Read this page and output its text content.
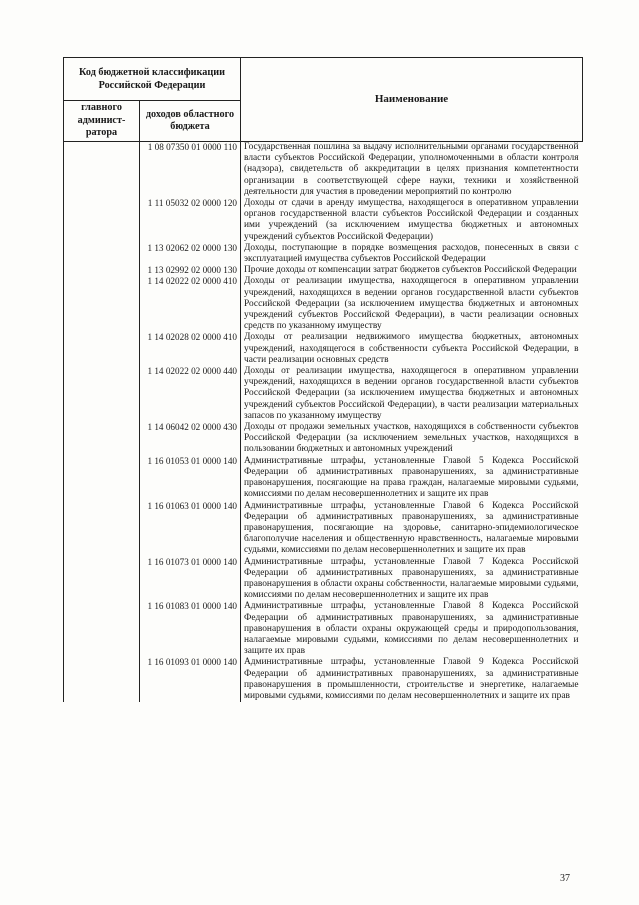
Код бюджетной классификации Российской Федерации		Наименование
главного админист-ратора	доходов областного бюджета	
	1 08 07350 01 0000 110	Государственная пошлина за выдачу исполнительными органами государственной власти субъектов Российской Федерации, уполномоченными в области контроля (надзора), свидетельств об аккредитации в целях признания компетентности организации в соответствующей сфере науки, техники и хозяйственной деятельности для участия в проведении мероприятий по контролю
	1 11 05032 02 0000 120	Доходы от сдачи в аренду имущества, находящегося в оперативном управлении органов государственной власти субъектов Российской Федерации и созданных ими учреждений (за исключением имущества бюджетных и автономных учреждений субъектов Российской Федерации)
	1 13 02062 02 0000 130	Доходы, поступающие в порядке возмещения расходов, понесенных в связи с эксплуатацией имущества субъектов Российской Федерации
	1 13 02992 02 0000 130	Прочие доходы от компенсации затрат бюджетов субъектов Российской Федерации
	1 14 02022 02 0000 410	Доходы от реализации имущества, находящегося в оперативном управлении учреждений, находящихся в ведении органов государственной власти субъектов Российской Федерации (за исключением имущества бюджетных и автономных учреждений субъектов Российской Федерации), в части реализации основных средств по указанному имуществу
	1 14 02028 02 0000 410	Доходы от реализации недвижимого имущества бюджетных, автономных учреждений, находящегося в собственности субъекта Российской Федерации, в части реализации основных средств
	1 14 02022 02 0000 440	Доходы от реализации имущества, находящегося в оперативном управлении учреждений, находящихся в ведении органов государственной власти субъектов Российской Федерации (за исключением имущества бюджетных и автономных учреждений субъектов Российской Федерации), в части реализации материальных запасов по указанному имуществу
	1 14 06042 02 0000 430	Доходы от продажи земельных участков, находящихся в собственности субъектов Российской Федерации (за исключением земельных участков, находящихся в пользовании бюджетных и автономных учреждений
	1 16 01053 01 0000 140	Административные штрафы, установленные Главой 5 Кодекса Российской Федерации об административных правонарушениях, за административные правонарушения, посягающие на права граждан, налагаемые мировыми судьями, комиссиями по делам несовершеннолетних и защите их прав
	1 16 01063 01 0000 140	Административные штрафы, установленные Главой 6 Кодекса Российской Федерации об административных правонарушениях, за административные правонарушения, посягающие на здоровье, санитарно-эпидемиологическое благополучие населения и общественную нравственность, налагаемые мировыми судьями, комиссиями по делам несовершеннолетних и защите их прав
	1 16 01073 01 0000 140	Административные штрафы, установленные Главой 7 Кодекса Российской Федерации об административных правонарушениях, за административные правонарушения в области охраны собственности, налагаемые мировыми судьями, комиссиями по делам несовершеннолетних и защите их прав
	1 16 01083 01 0000 140	Административные штрафы, установленные Главой 8 Кодекса Российской Федерации об административных правонарушениях, за административные правонарушения в области охраны окружающей среды и природопользования, налагаемые мировыми судьями, комиссиями по делам несовершеннолетних и защите их прав
	1 16 01093 01 0000 140	Административные штрафы, установленные Главой 9 Кодекса Российской Федерации об административных правонарушениях, за административные правонарушения в промышленности, строительстве и энергетике, налагаемые мировыми судьями, комиссиями по делам несовершеннолетних и защите их прав
37
